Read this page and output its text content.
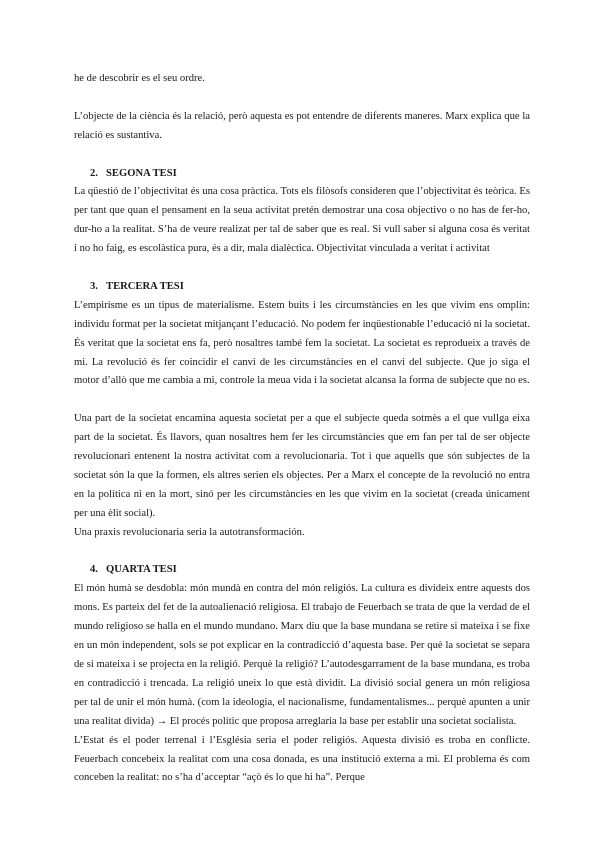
he de descobrir es el seu ordre.

L’objecte de la ciència és la relació, però aquesta es pot entendre de diferents maneres. Marx explica que la relació es sustantiva.

2. SEGONA TESI

La qüestió de l’objectivitat és una cosa pràctica. Tots els filòsofs consideren que l’objectivitat és teòrica. Es per tant que quan el pensament en la seua activitat pretén demostrar una cosa objectivo o no has de fer-ho, dur-ho a la realitat. S’ha de veure realizat per tal de saber que es real. Si vull saber si alguna cosa és veritat i no ho faig, es escolàstica pura, és a dir, mala dialèctica. Objectivitat vinculada a veritat i activitat

3. TERCERA TESI

L’empirisme es un tipus de materialisme. Estem buits i les circumstàncies en les que vivim ens omplin: individu format per la societat mitjançant l’educació. No podem fer inqüestionable l’educació ni la societat. És veritat que la societat ens fa, però nosaltres també fem la societat. La societat es reprodueix a través de mi. La revolució és fer coincidir el canvi de les circumstàncies en el canvi del subjecte. Que jo siga el motor d’allò que me cambia a mi, controle la meua vida i la societat alcansa la forma de subjecte que no es.

Una part de la societat encamina aquesta societat per a que el subjecte queda sotmès a el que vullga eixa part de la societat. És llavors, quan nosaltres hem fer les circumstàncies que em fan per tal de ser objecte revolucionari entenent la nostra activitat com a revolucionaria. Tot i que aquells que són subjectes de la societat són la que la formen, els altres serien els objectes. Per a Marx el concepte de la revolució no entra en la política ni en la mort, sinó per les circumstàncies en les que vivim en la societat (creada únicament per una èlit social).

Una praxis revolucionaria seria la autotransformación.

4. QUARTA TESI

El món humà se desdobla: món mundà en contra del món religiós. La cultura es divideix entre aquests dos mons. Es parteix del fet de la autoalienació religiosa. El trabajo de Feuerbach se trata de que la verdad de el mundo religioso se halla en el mundo mundano. Marx diu que la base mundana se retire si mateixa i se fixe en un món independent, sols se pot explicar en la contradicció d’aquesta base. Per què la societat se separa de si mateixa i se projecta en la religió. Perquè la religió? L’autodesgarrament de la base mundana, es troba en contradicció i trencada. La religió uneix lo que està dividit. La divisió social genera un món religiosa per tal de unir el món humà. (com la ideologia, el nacionalisme, fundamentalismes... perquè apunten a unir una realitat divida) → El procés polític que proposa arreglaria la base per establir una societat socialista.

L’Estat és el poder terrenal i l’Església seria el poder religiós. Aquesta divisió es troba en conflicte. Feuerbach concebeix la realitat com una cosa donada, es una institució externa a mi. El problema és com conceben la realitat: no s’ha d’acceptar “açò és lo que hi ha”. Perque
